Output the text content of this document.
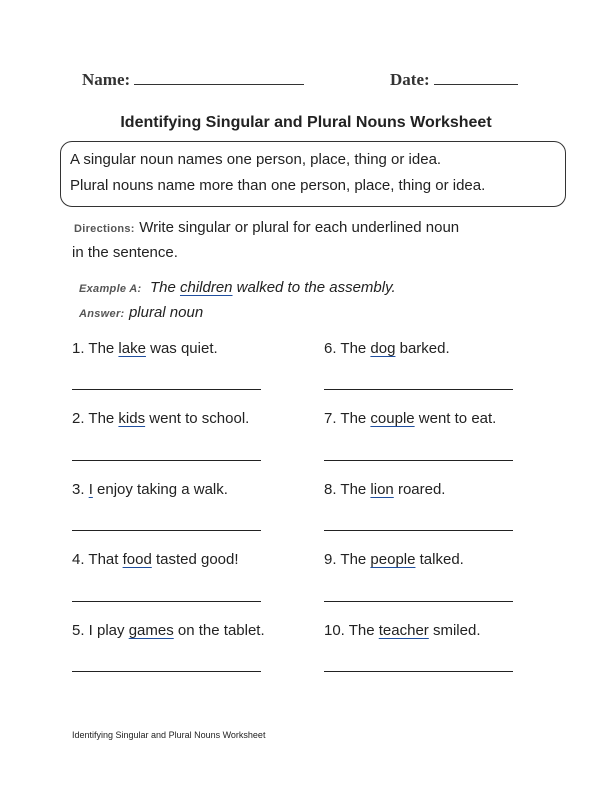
Name:	Date:
Identifying Singular and Plural Nouns Worksheet
A singular noun names one person, place, thing or idea.
Plural nouns name more than one person, place, thing or idea.
Directions: Write singular or plural for each underlined noun
in the sentence.
Example A: The children walked to the assembly.
Answer: plural noun
1. The lake was quiet.
2. The kids went to school.
3. I enjoy taking a walk.
4. That food tasted good!
5. I play games on the tablet.
6. The dog barked.
7. The couple went to eat.
8. The lion roared.
9. The people talked.
10. The teacher smiled.
Identifying Singular and Plural Nouns Worksheet
